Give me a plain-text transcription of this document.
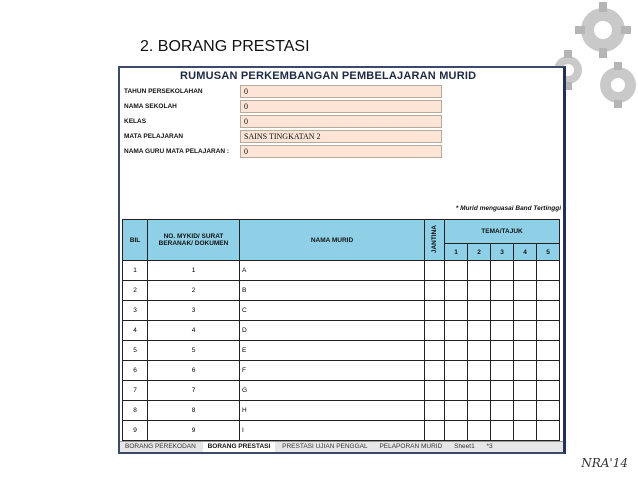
2. BORANG PRESTASI
RUMUSAN PERKEMBANGAN PEMBELAJARAN MURID
TAHUN PERSEKOLAHAN	0
NAMA SEKOLAH	0
KELAS	0
MATA PELAJARAN	SAINS TINGKATAN 2
NAMA GURU MATA PELAJARAN :	0
* Murid menguasai Band Tertinggi
BIL	NO. MYKID/ SURAT BERANAK/ DOKUMEN	NAMA MURID	JANTINA	TEMA/TAJUK				
				1	2	3	4	5
1	1	A						
2	2	B						
3	3	C						
4	4	D						
5	5	E						
6	6	F						
7	7	G						
8	8	H						
9	9	I						
BORANG PEREKODAN BORANG PRESTASI PRESTASI UJIAN PENGGAL PELAPORAN MURID Sheet1 *3
NRA'14
